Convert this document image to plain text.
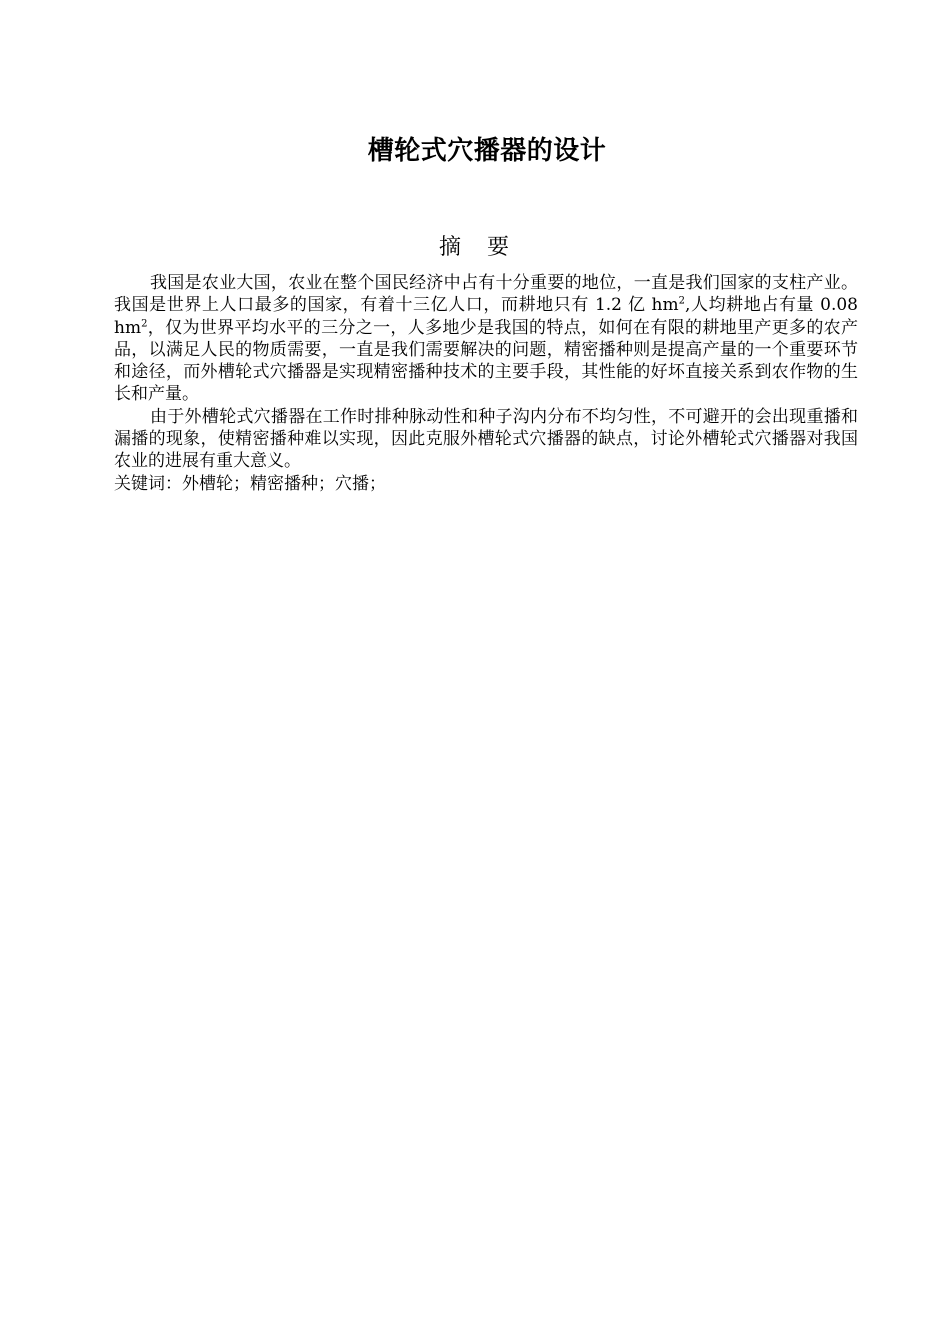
槽轮式穴播器的设计
摘要

我国是农业大国，农业在整个国民经济中占有十分重要的地位，一直是我们国家的支柱产业。我国是世界上人口最多的国家，有着十三亿人口，而耕地只有 1.2 亿 $hm^2$,人均耕地占有量 0.08 $hm^2$，仅为世界平均水平的三分之一，人多地少是我国的特点，如何在有限的耕地里产更多的农产品，以满足人民的物质需要，一直是我们需要解决的问题，精密播种则是提高产量的一个重要环节和途径，而外槽轮式穴播器是实现精密播种技术的主要手段，其性能的好坏直接关系到农作物的生长和产量。

由于外槽轮式穴播器在工作时排种脉动性和种子沟内分布不均匀性，不可避开的会出现重播和漏播的现象，使精密播种难以实现，因此克服外槽轮式穴播器的缺点，讨论外槽轮式穴播器对我国农业的进展有重大意义。

关键词：外槽轮；精密播种；穴播；
